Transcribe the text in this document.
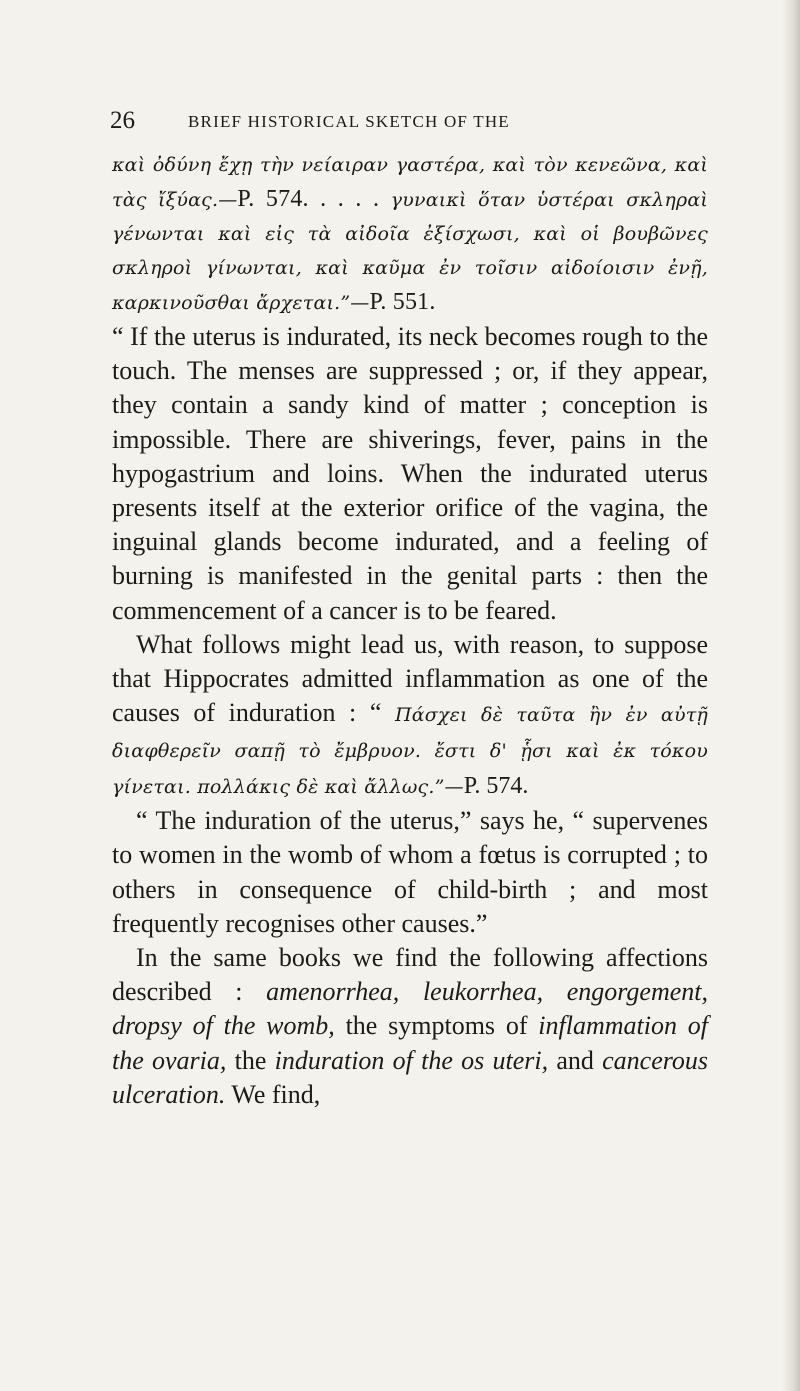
26	BRIEF HISTORICAL SKETCH OF THE

καὶ ὀδύνη ἔχῃ τὴν νείαιραν γαστέρα, καὶ τὸν κενεῶνα, καὶ τὰς ἴξύας.—P. 574. . . . . γυναικὶ ὅταν ὑστέραι σκληραὶ γένωνται καὶ εἰς τὰ αἰδοῖα ἐξίσχωσι, καὶ οἱ βουβῶνες σκληροὶ γίνωνται, καὶ καῦμα ἐν τοῖσιν αἰδοίοισιν ἐνῇ, καρκινοῦσθαι ἄρχεται.”—P. 551.

“ If the uterus is indurated, its neck becomes rough to the touch. The menses are suppressed ; or, if they appear, they contain a sandy kind of matter ; conception is impossible. There are shiverings, fever, pains in the hypogastrium and loins. When the indurated uterus presents itself at the exterior orifice of the vagina, the inguinal glands become indurated, and a feeling of burning is manifested in the genital parts : then the commencement of a cancer is to be feared.

What follows might lead us, with reason, to suppose that Hippocrates admitted inflammation as one of the causes of induration : “ Πάσχει δὲ ταῦτα ἢν ἐν αὐτῇ διαφθερεῖν σαπῇ τὸ ἔμβρυον. ἔστι δ' ᾗσι καὶ ἐκ τόκου γίνεται. πολλάκις δὲ καὶ ἄλλως.”—P. 574.

“ The induration of the uterus,” says he, “ supervenes to women in the womb of whom a fœtus is corrupted ; to others in consequence of child-birth ; and most frequently recognises other causes.”

In the same books we find the following affections described : amenorrhea, leukorrhea, engorgement, dropsy of the womb, the symptoms of inflammation of the ovaria, the induration of the os uteri, and cancerous ulceration. We find,
